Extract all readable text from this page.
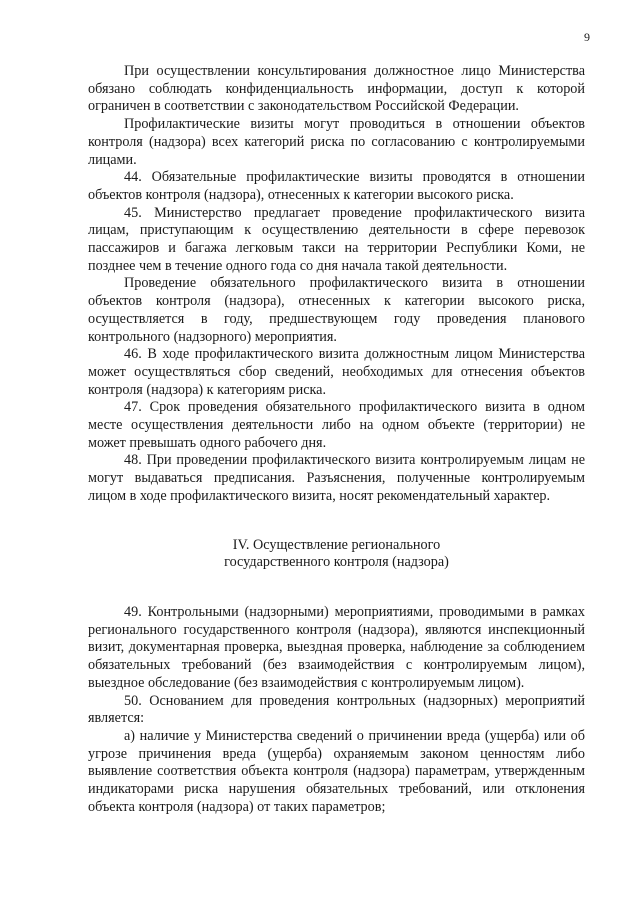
9

При осуществлении консультирования должностное лицо Министерства обязано соблюдать конфиденциальность информации, доступ к которой ограничен в соответствии с законодательством Российской Федерации.

Профилактические визиты могут проводиться в отношении объектов контроля (надзора) всех категорий риска по согласованию с контролируемыми лицами.

44. Обязательные профилактические визиты проводятся в отношении объектов контроля (надзора), отнесенных к категории высокого риска.

45. Министерство предлагает проведение профилактического визита лицам, приступающим к осуществлению деятельности в сфере перевозок пассажиров и багажа легковым такси на территории Республики Коми, не позднее чем в течение одного года со дня начала такой деятельности.

Проведение обязательного профилактического визита в отношении объектов контроля (надзора), отнесенных к категории высокого риска, осуществляется в году, предшествующем году проведения планового контрольного (надзорного) мероприятия.

46. В ходе профилактического визита должностным лицом Министерства может осуществляться сбор сведений, необходимых для отнесения объектов контроля (надзора) к категориям риска.

47. Срок проведения обязательного профилактического визита в одном месте осуществления деятельности либо на одном объекте (территории) не может превышать одного рабочего дня.

48. При проведении профилактического визита контролируемым лицам не могут выдаваться предписания. Разъяснения, полученные контролируемым лицом в ходе профилактического визита, носят рекомендательный характер.

IV. Осуществление регионального
государственного контроля (надзора)

49. Контрольными (надзорными) мероприятиями, проводимыми в рамках регионального государственного контроля (надзора), являются инспекционный визит, документарная проверка, выездная проверка, наблюдение за соблюдением обязательных требований (без взаимодействия с контролируемым лицом), выездное обследование (без взаимодействия с контролируемым лицом).

50. Основанием для проведения контрольных (надзорных) мероприятий является:

а) наличие у Министерства сведений о причинении вреда (ущерба) или об угрозе причинения вреда (ущерба) охраняемым законом ценностям либо выявление соответствия объекта контроля (надзора) параметрам, утвержденным индикаторами риска нарушения обязательных требований, или отклонения объекта контроля (надзора) от таких параметров;
